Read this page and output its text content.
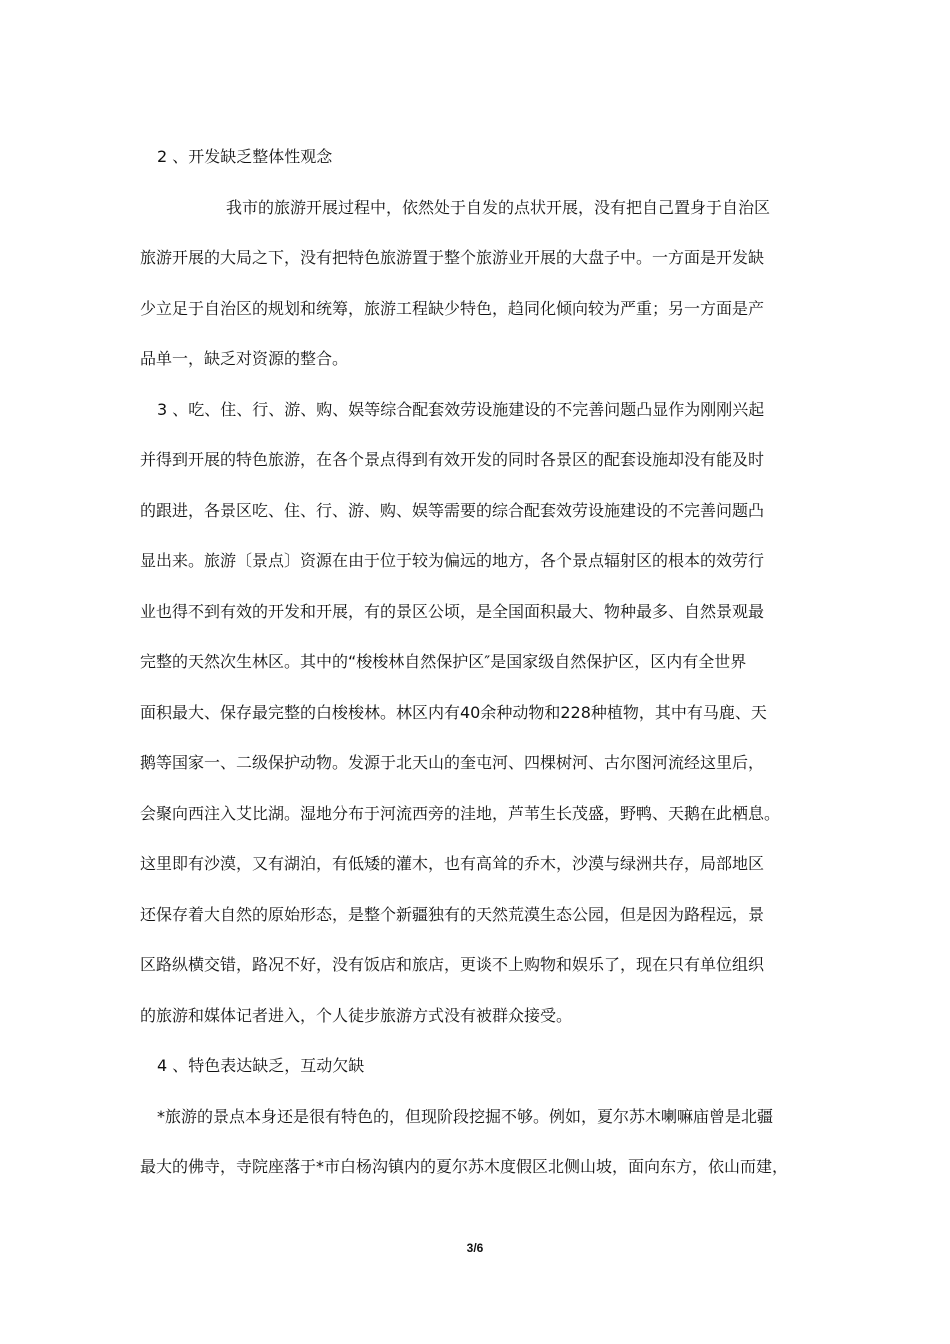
2 、开发缺乏整体性观念
我市的旅游开展过程中，依然处于自发的点状开展，没有把自己置身于自治区
旅游开展的大局之下，没有把特色旅游置于整个旅游业开展的大盘子中。一方面是开发缺
少立足于自治区的规划和统筹，旅游工程缺少特色，趋同化倾向较为严重；另一方面是产
品单一，缺乏对资源的整合。
3 、吃、住、行、游、购、娱等综合配套效劳设施建设的不完善问题凸显作为刚刚兴起
并得到开展的特色旅游，在各个景点得到有效开发的同时各景区的配套设施却没有能及时
的跟进，各景区吃、住、行、游、购、娱等需要的综合配套效劳设施建设的不完善问题凸
显出来。旅游〔景点〕资源在由于位于较为偏远的地方，各个景点辐射区的根本的效劳行
业也得不到有效的开发和开展，有的景区公顷，是全国面积最大、物种最多、自然景观最
完整的天然次生林区。其中的“梭梭林自然保护区″是国家级自然保护区，区内有全世界
面积最大、保存最完整的白梭梭林。林区内有40余种动物和228种植物，其中有马鹿、天
鹅等国家一、二级保护动物。发源于北天山的奎屯河、四棵树河、古尔图河流经这里后，
会聚向西注入艾比湖。湿地分布于河流西旁的洼地，芦苇生长茂盛，野鸭、天鹅在此栖息。
这里即有沙漠，又有湖泊，有低矮的灌木，也有高耸的乔木，沙漠与绿洲共存，局部地区
还保存着大自然的原始形态，是整个新疆独有的天然荒漠生态公园，但是因为路程远，景
区路纵横交错，路况不好，没有饭店和旅店，更谈不上购物和娱乐了，现在只有单位组织
的旅游和媒体记者进入，个人徒步旅游方式没有被群众接受。
4 、特色表达缺乏，互动欠缺
*旅游的景点本身还是很有特色的，但现阶段挖掘不够。例如，夏尔苏木喇嘛庙曾是北疆
最大的佛寺，寺院座落于*市白杨沟镇内的夏尔苏木度假区北侧山坡，面向东方，依山而建，
3/6
